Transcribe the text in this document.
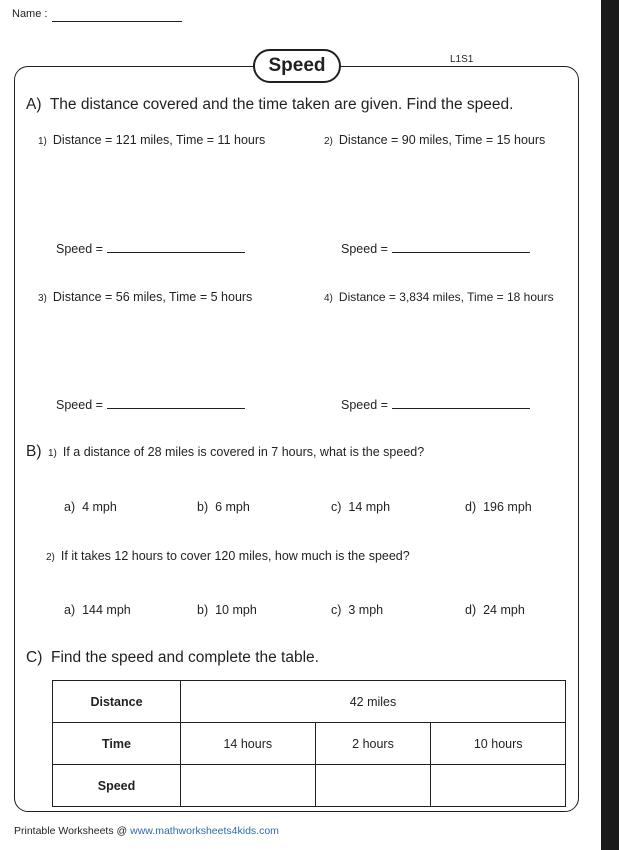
Name :
Speed	L1S1
A) The distance covered and the time taken are given. Find the speed.
1) Distance = 121 miles, Time = 11 hours	2) Distance = 90 miles, Time = 15 hours
Speed =	Speed =
3) Distance = 56 miles, Time = 5 hours	4) Distance = 3,834 miles, Time = 18 hours
Speed =	Speed =
B) 1) If a distance of 28 miles is covered in 7 hours, what is the speed?
a) 4 mph	b) 6 mph	c) 14 mph	d) 196 mph
2) If it takes 12 hours to cover 120 miles, how much is the speed?
a) 144 mph	b) 10 mph	c) 3 mph	d) 24 mph
C) Find the speed and complete the table.
Distance	42 miles		
Time	14 hours	2 hours	10 hours
Speed			
Printable Worksheets @ www.mathworksheets4kids.com
